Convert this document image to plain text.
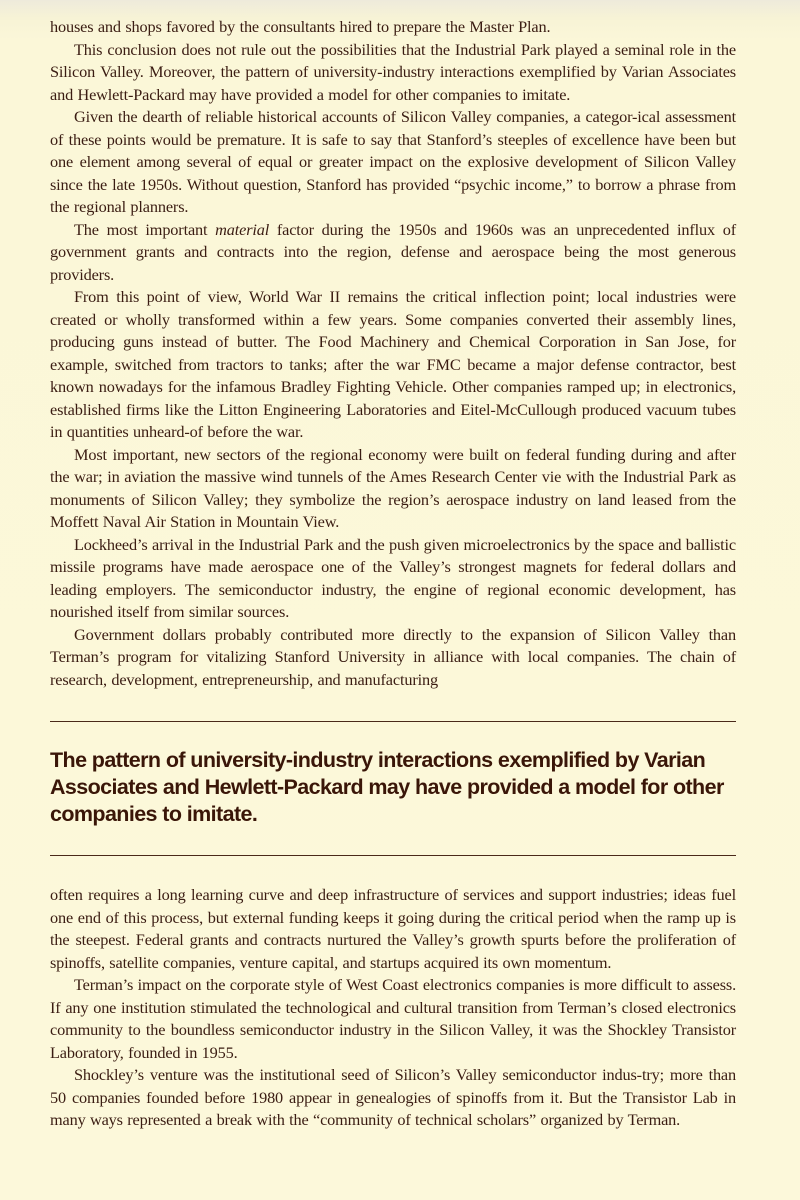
houses and shops favored by the consultants hired to prepare the Master Plan.

This conclusion does not rule out the possibilities that the Industrial Park played a seminal role in the Silicon Valley. Moreover, the pattern of university-industry interactions exemplified by Varian Associates and Hewlett-Packard may have provided a model for other companies to imitate.

Given the dearth of reliable historical accounts of Silicon Valley companies, a categor-ical assessment of these points would be premature. It is safe to say that Stanford’s steeples of excellence have been but one element among several of equal or greater impact on the explosive development of Silicon Valley since the late 1950s. Without question, Stanford has provided “psychic income,” to borrow a phrase from the regional planners.

The most important material factor during the 1950s and 1960s was an unprecedented influx of government grants and contracts into the region, defense and aerospace being the most generous providers.

From this point of view, World War II remains the critical inflection point; local industries were created or wholly transformed within a few years. Some companies converted their assembly lines, producing guns instead of butter. The Food Machinery and Chemical Corporation in San Jose, for example, switched from tractors to tanks; after the war FMC became a major defense contractor, best known nowadays for the infamous Bradley Fighting Vehicle. Other companies ramped up; in electronics, established firms like the Litton Engineering Laboratories and Eitel-McCullough produced vacuum tubes in quantities unheard-of before the war.

Most important, new sectors of the regional economy were built on federal funding during and after the war; in aviation the massive wind tunnels of the Ames Research Center vie with the Industrial Park as monuments of Silicon Valley; they symbolize the region’s aerospace industry on land leased from the Moffett Naval Air Station in Mountain View.

Lockheed’s arrival in the Industrial Park and the push given microelectronics by the space and ballistic missile programs have made aerospace one of the Valley’s strongest magnets for federal dollars and leading employers. The semiconductor industry, the engine of regional economic development, has nourished itself from similar sources.

Government dollars probably contributed more directly to the expansion of Silicon Valley than Terman’s program for vitalizing Stanford University in alliance with local companies. The chain of research, development, entrepreneurship, and manufacturing

The pattern of university-industry interactions exemplified by Varian Associates and Hewlett-Packard may have provided a model for other companies to imitate.

often requires a long learning curve and deep infrastructure of services and support industries; ideas fuel one end of this process, but external funding keeps it going during the critical period when the ramp up is the steepest. Federal grants and contracts nurtured the Valley’s growth spurts before the proliferation of spinoffs, satellite companies, venture capital, and startups acquired its own momentum.

Terman’s impact on the corporate style of West Coast electronics companies is more difficult to assess. If any one institution stimulated the technological and cultural transition from Terman’s closed electronics community to the boundless semiconductor industry in the Silicon Valley, it was the Shockley Transistor Laboratory, founded in 1955.

Shockley’s venture was the institutional seed of Silicon’s Valley semiconductor indus-try; more than 50 companies founded before 1980 appear in genealogies of spinoffs from it. But the Transistor Lab in many ways represented a break with the “community of technical scholars” organized by Terman.
